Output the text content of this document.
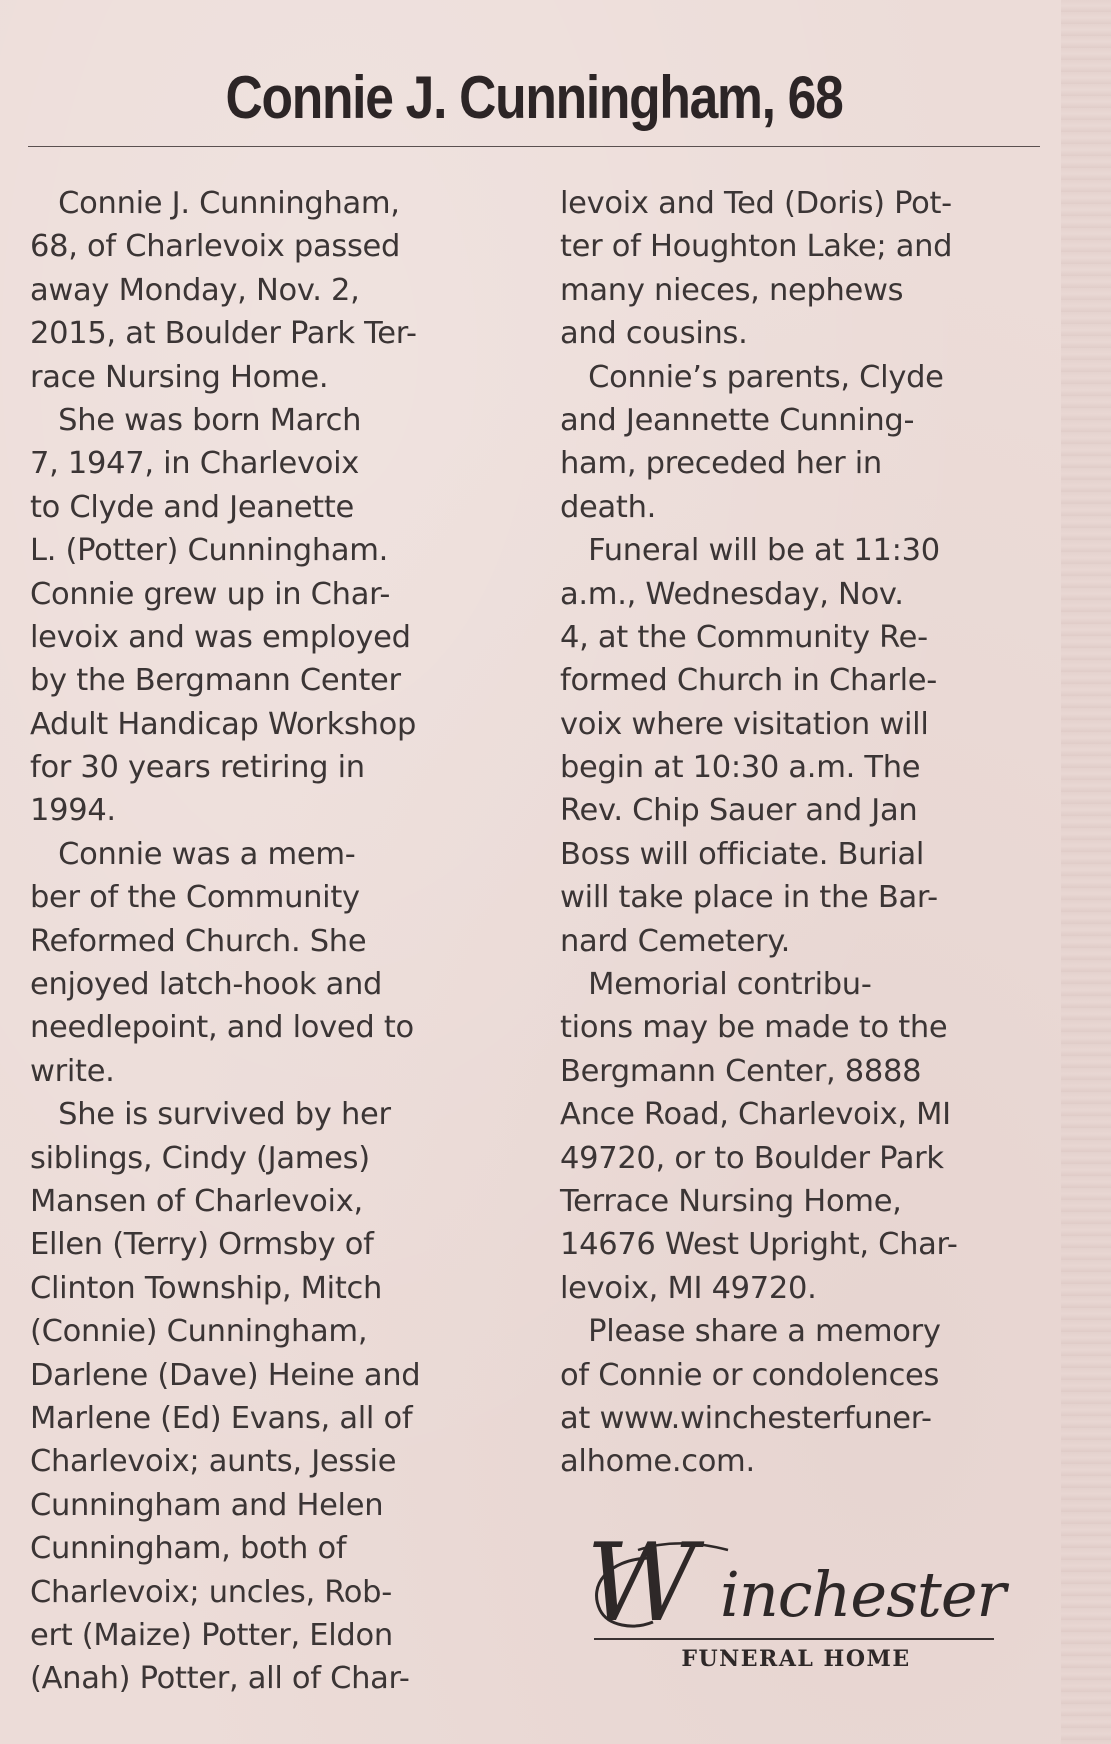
Connie J. Cunningham, 68
Connie J. Cunningham,
68, of Charlevoix passed
away Monday, Nov. 2,
2015, at Boulder Park Ter-
race Nursing Home.
She was born March
7, 1947, in Charlevoix
to Clyde and Jeanette
L. (Potter) Cunningham.
Connie grew up in Char-
levoix and was employed
by the Bergmann Center
Adult Handicap Workshop
for 30 years retiring in
1994.
Connie was a mem-
ber of the Community
Reformed Church. She
enjoyed latch-hook and
needlepoint, and loved to
write.
She is survived by her
siblings, Cindy (James)
Mansen of Charlevoix,
Ellen (Terry) Ormsby of
Clinton Township, Mitch
(Connie) Cunningham,
Darlene (Dave) Heine and
Marlene (Ed) Evans, all of
Charlevoix; aunts, Jessie
Cunningham and Helen
Cunningham, both of
Charlevoix; uncles, Rob-
ert (Maize) Potter, Eldon
(Anah) Potter, all of Char-
levoix and Ted (Doris) Pot-
ter of Houghton Lake; and
many nieces, nephews
and cousins.
Connie’s parents, Clyde
and Jeannette Cunning-
ham, preceded her in
death.
Funeral will be at 11:30
a.m., Wednesday, Nov.
4, at the Community Re-
formed Church in Charle-
voix where visitation will
begin at 10:30 a.m. The
Rev. Chip Sauer and Jan
Boss will officiate. Burial
will take place in the Bar-
nard Cemetery.
Memorial contribu-
tions may be made to the
Bergmann Center, 8888
Ance Road, Charlevoix, MI
49720, or to Boulder Park
Terrace Nursing Home,
14676 West Upright, Char-
levoix, MI 49720.
Please share a memory
of Connie or condolences
at www.winchesterfuner-
alhome.com.
W inchester
FUNERAL HOME
